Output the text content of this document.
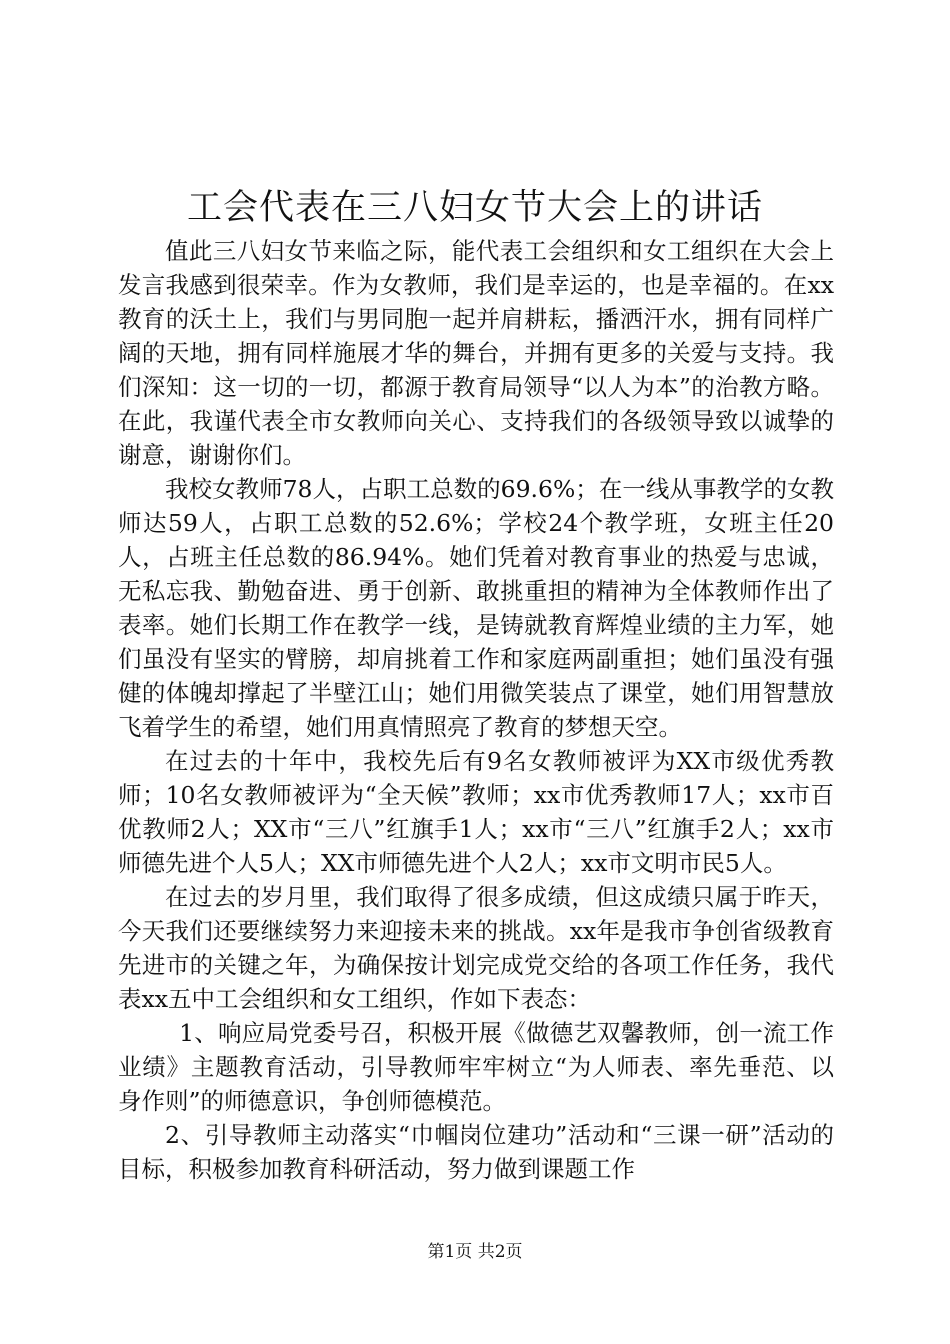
工会代表在三八妇女节大会上的讲话

值此三八妇女节来临之际，能代表工会组织和女工组织在大会上发言我感到很荣幸。作为女教师，我们是幸运的，也是幸福的。在xx教育的沃土上，我们与男同胞一起并肩耕耘，播洒汗水，拥有同样广阔的天地，拥有同样施展才华的舞台，并拥有更多的关爱与支持。我们深知：这一切的一切，都源于教育局领导“以人为本”的治教方略。在此，我谨代表全市女教师向关心、支持我们的各级领导致以诚挚的谢意，谢谢你们。

我校女教师78人，占职工总数的69.6%；在一线从事教学的女教师达59人，占职工总数的52.6%；学校24个教学班，女班主任20人，占班主任总数的86.94%。她们凭着对教育事业的热爱与忠诚，无私忘我、勤勉奋进、勇于创新、敢挑重担的精神为全体教师作出了表率。她们长期工作在教学一线，是铸就教育辉煌业绩的主力军，她们虽没有坚实的臂膀，却肩挑着工作和家庭两副重担；她们虽没有强健的体魄却撑起了半壁江山；她们用微笑装点了课堂，她们用智慧放飞着学生的希望，她们用真情照亮了教育的梦想天空。

在过去的十年中，我校先后有9名女教师被评为XX市级优秀教师；10名女教师被评为“全天候”教师；xx市优秀教师17人；xx市百优教师2人；XX市“三八”红旗手1人；xx市“三八”红旗手2人；xx市师德先进个人5人；XX市师德先进个人2人；xx市文明市民5人。

在过去的岁月里，我们取得了很多成绩，但这成绩只属于昨天，今天我们还要继续努力来迎接未来的挑战。xx年是我市争创省级教育先进市的关键之年，为确保按计划完成党交给的各项工作任务，我代表xx五中工会组织和女工组织，作如下表态：

1、响应局党委号召，积极开展《做德艺双馨教师，创一流工作业绩》主题教育活动，引导教师牢牢树立“为人师表、率先垂范、以身作则”的师德意识，争创师德模范。

2、引导教师主动落实“巾帼岗位建功”活动和“三课一研”活动的目标，积极参加教育科研活动，努力做到课题工作

第1页 共2页
